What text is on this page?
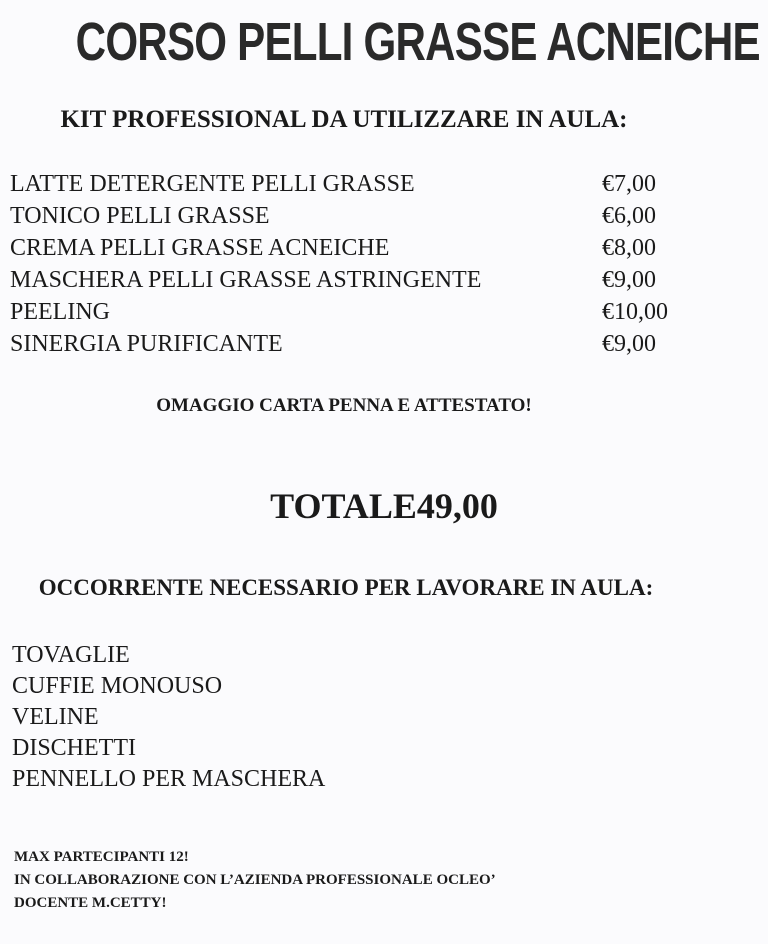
CORSO PELLI GRASSE ACNEICHE
KIT PROFESSIONAL DA UTILIZZARE IN AULA:
LATTE DETERGENTE PELLI GRASSE	€7,00
TONICO PELLI GRASSE	€6,00
CREMA PELLI GRASSE ACNEICHE	€8,00
MASCHERA PELLI GRASSE ASTRINGENTE	€9,00
PEELING	€10,00
SINERGIA PURIFICANTE	€9,00
OMAGGIO CARTA PENNA E ATTESTATO!
TOTALE49,00
OCCORRENTE NECESSARIO PER LAVORARE IN AULA:
TOVAGLIE
CUFFIE MONOUSO
VELINE
DISCHETTI
PENNELLO PER MASCHERA
MAX PARTECIPANTI 12!
IN COLLABORAZIONE CON L’AZIENDA PROFESSIONALE OCLEO’
DOCENTE M.CETTY!
